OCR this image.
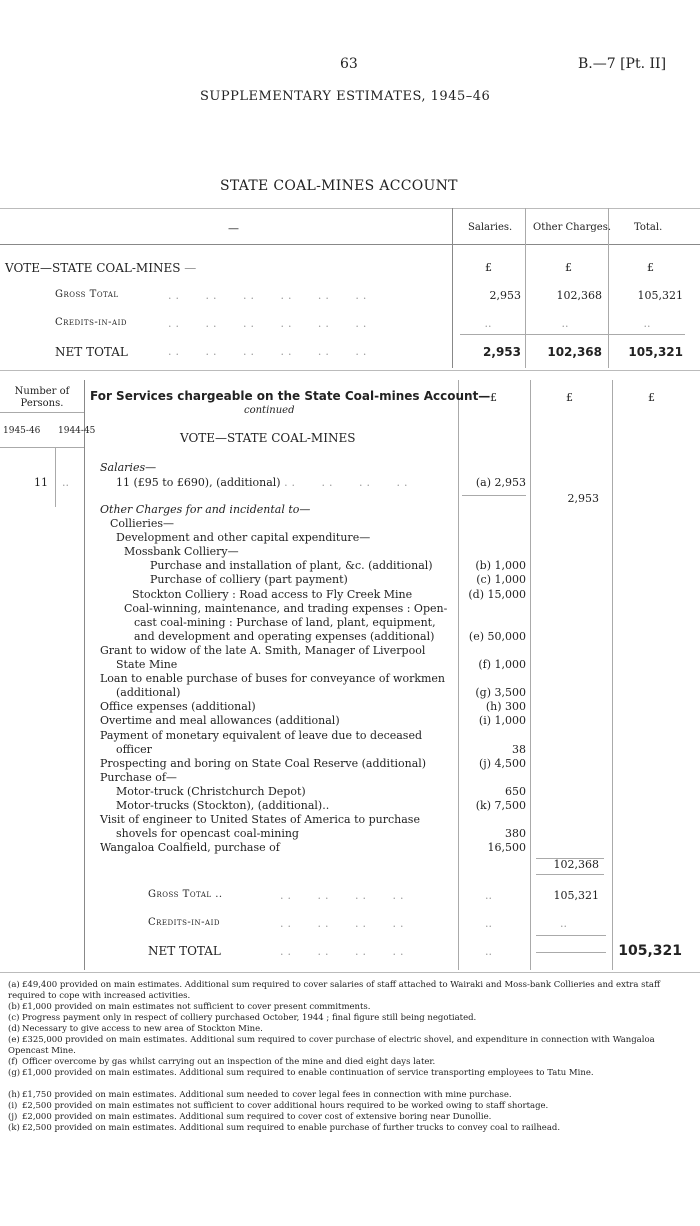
63	B.—7 [Pt. II]
SUPPLEMENTARY ESTIMATES, 1945–46
STATE COAL-MINES ACCOUNT
—	Salaries. Other Charges. Total.
VOTE—STATE COAL-MINES —	£	£	£
Gross Total	..   ..   ..   ..   ..   ..	2,953	102,368	105,321
Credits-in-aid	..   ..   ..   ..   ..   ..	..	..	..
NET TOTAL	..   ..   ..   ..   ..   ..	2,953	102,368	105,321
Number of Persons.
1945-46 1944-45
For Services chargeable on the State Coal-mines Account—
continued
VOTE—STATE COAL-MINES
£	£	£
Salaries—
11 ..	11 (£95 to £690), (additional) ..   ..   ..   ..	(a) 2,953
2,953
Other Charges for and incidental to—
Collieries—
Development and other capital expenditure—
Mossbank Colliery—
Purchase and installation of plant, &c. (additional)	(b) 1,000
Purchase of colliery (part payment)	(c) 1,000
Stockton Colliery : Road access to Fly Creek Mine	(d) 15,000
Coal-winning, maintenance, and trading expenses : Open-
cast coal-mining : Purchase of land, plant, equipment,
and development and operating expenses (additional)	(e) 50,000
Grant to widow of the late A. Smith, Manager of Liverpool
State Mine	(f) 1,000
Loan to enable purchase of buses for conveyance of workmen
(additional)	(g) 3,500
Office expenses (additional)	(h) 300
Overtime and meal allowances (additional)	(i) 1,000
Payment of monetary equivalent of leave due to deceased
officer	38
Prospecting and boring on State Coal Reserve (additional)	(j) 4,500
Purchase of—
Motor-truck (Christchurch Depot)	650
Motor-trucks (Stockton), (additional)..	(k) 7,500
Visit of engineer to United States of America to purchase
shovels for opencast coal-mining	380
Wangaloa Coalfield, purchase of	16,500
102,368
Gross Total ..	..   ..   ..   ..	..	105,321
Credits-in-aid	..   ..   ..   ..	..	..
NET TOTAL	..   ..   ..   ..	..	105,321
(a) £49,400 provided on main estimates. Additional sum required to cover salaries of staff attached to Wairaki and Moss-bank Collieries and extra staff required to cope with increased activities.
(b) £1,000 provided on main estimates not sufficient to cover present commitments.
(c) Progress payment only in respect of colliery purchased October, 1944 ; final figure still being negotiated.
(d) Necessary to give access to new area of Stockton Mine.
(e) £325,000 provided on main estimates. Additional sum required to cover purchase of electric shovel, and expenditure in connection with Wangaloa Opencast Mine.
(f) Officer overcome by gas whilst carrying out an inspection of the mine and died eight days later.
(g) £1,000 provided on main estimates. Additional sum required to enable continuation of service transporting employees to Tatu Mine.
(h) £1,750 provided on main estimates. Additional sum needed to cover legal fees in connection with mine purchase.
(i) £2,500 provided on main estimates not sufficient to cover additional hours required to be worked owing to staff shortage.
(j) £2,000 provided on main estimates. Additional sum required to cover cost of extensive boring near Dunollie.
(k) £2,500 provided on main estimates. Additional sum required to enable purchase of further trucks to convey coal to railhead.
